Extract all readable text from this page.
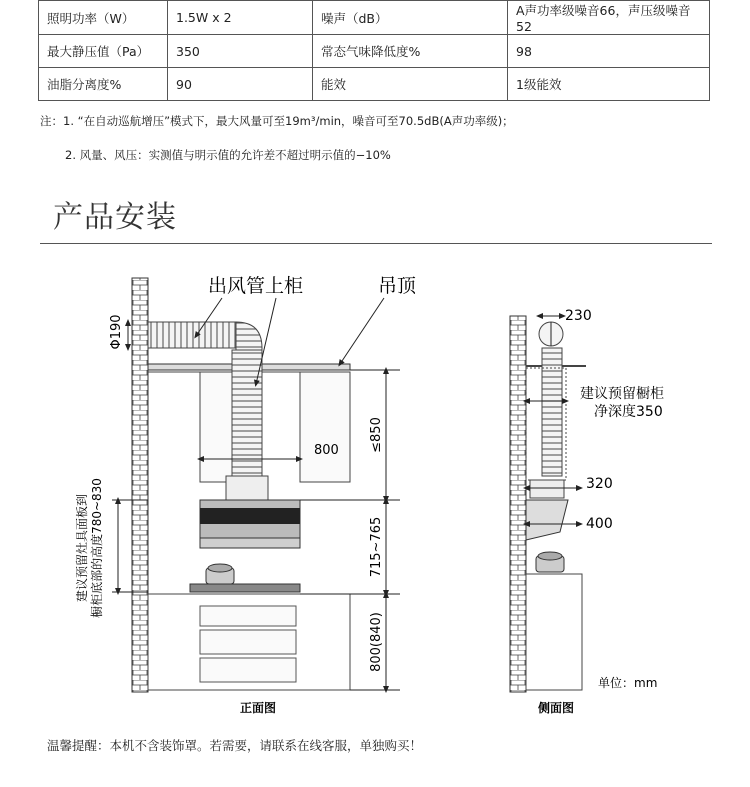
照明功率（W）	1.5W x 2	噪声（dB）	A声功率级噪音66，声压级噪音52
最大静压值（Pa）	350	常态气味降低度%	98
油脂分离度%	90	能效	1级能效
注：1. “在自动巡航增压”模式下，最大风量可至19m³/min，噪音可至70.5dB(A声功率级)；
2. 风量、风压：实测值与明示值的允许差不超过明示值的−10%
产品安装
Φ190
出风管上柜	吊顶
800 ≤850
715~765
800(840)
建议预留灶具面板到 橱柜底部的高度780~830
正面图
230
建议预留橱柜
净深度350
320
400
单位：mm
侧面图
温馨提醒：本机不含装饰罩。若需要，请联系在线客服，单独购买！
